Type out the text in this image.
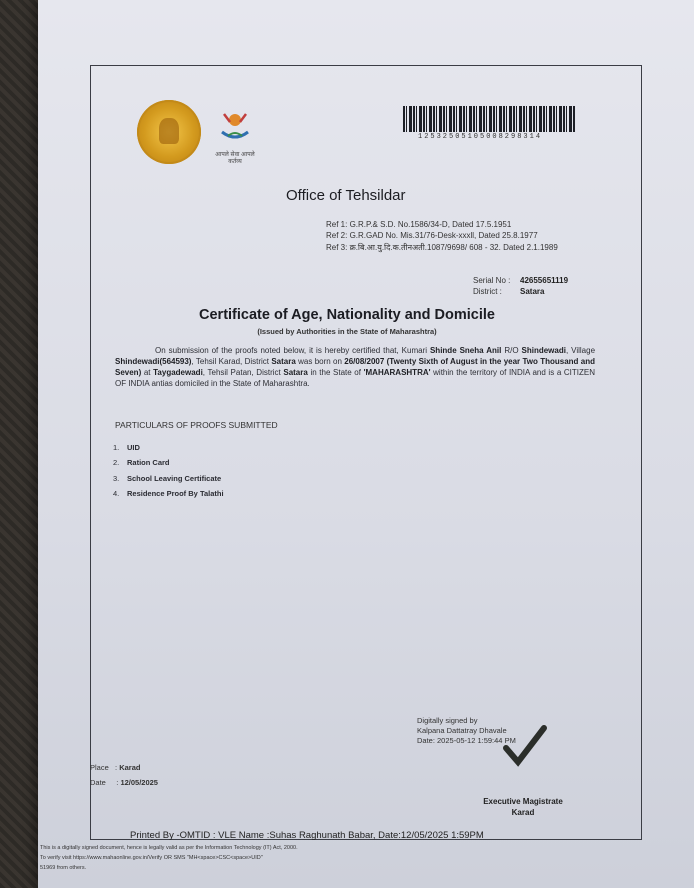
आपले सेवा आपले कर्तव्य
12532505105008298314
Office of Tehsildar
Ref 1: G.R.P.& S.D. No.1586/34-D, Dated 17.5.1951
Ref 2: G.R.GAD No. Mis.31/76-Desk-xxxll, Dated 25.8.1977
Ref 3: क्र.बि.आ.यु.दि.क.तीनअती.1087/9698/ 608 - 32. Dated 2.1.1989
Serial No : 42655651119
District : Satara
Certificate of Age, Nationality and Domicile
(Issued by Authorities in the State of Maharashtra)
On submission of the proofs noted below, it is hereby certified that, Kumari Shinde Sneha Anil R/O Shindewadi, Village Shindewadi(564593), Tehsil Karad, District Satara was born on 26/08/2007 (Twenty Sixth of August in the year Two Thousand and Seven) at Taygadewadi, Tehsil Patan, District Satara in the State of 'MAHARASHTRA' within the territory of INDIA and is a CITIZEN OF INDIA antias domiciled in the State of Maharashtra.
PARTICULARS OF PROOFS SUBMITTED
1. UID
2. Ration Card
3. School Leaving Certificate
4. Residence Proof By Talathi
Digitally signed by
Kalpana Dattatray Dhavale
Date: 2025-05-12 1:59:44 PM
Place   : Karad
Date     : 12/05/2025
Executive Magistrate
Karad
Printed By -OMTID : VLE Name :Suhas Raghunath Babar, Date:12/05/2025 1:59PM
This is a digitally signed document, hence is legally valid as per the Information Technology (IT) Act, 2000.
To verify visit https://www.mahaonline.gov.in/Verify OR SMS "MH<space>CSC<space>UID"
51969 from others.
